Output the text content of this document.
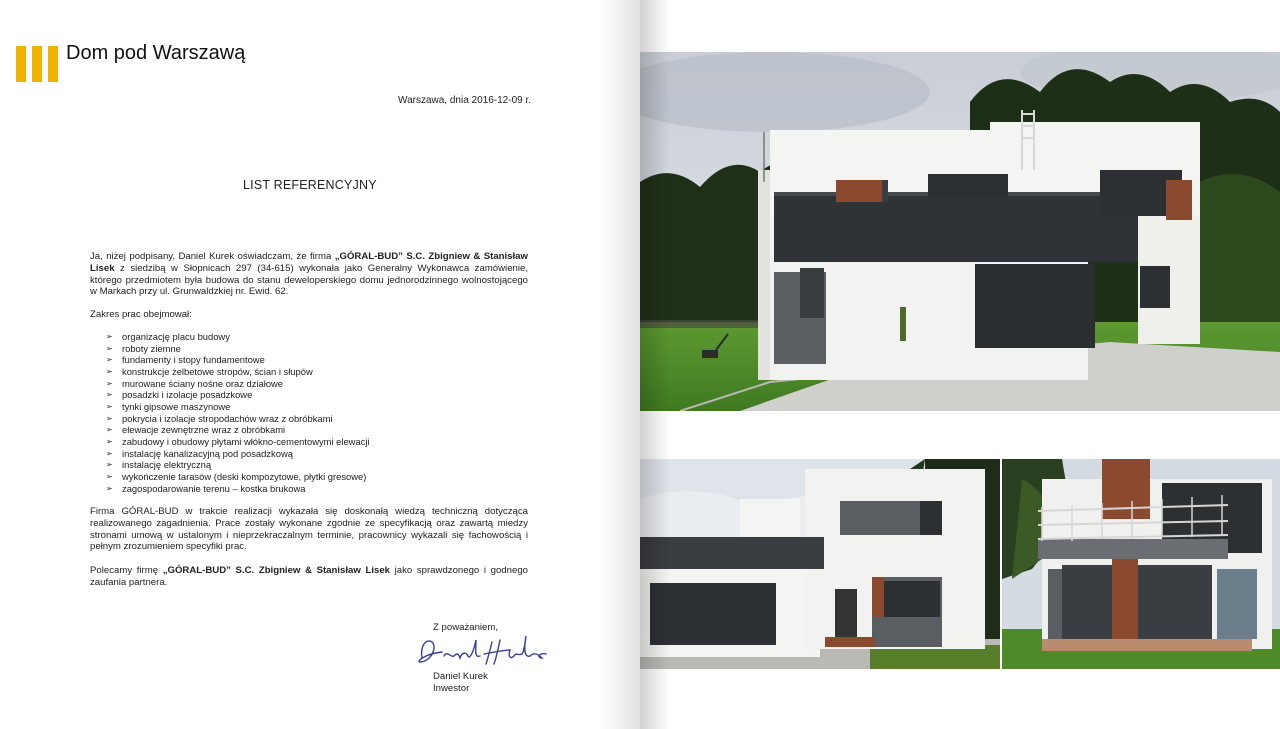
Dom pod Warszawą
Warszawa, dnia 2016-12-09 r.
LIST REFERENCYJNY
Ja, niżej podpisany, Daniel Kurek oświadczam, że firma „GÓRAL-BUD” S.C. Zbigniew & Stanisław Lisek z siedzibą w Słopnicach 297 (34-615) wykonała jako Generalny Wykonawca zamówienie, którego przedmiotem była budowa do stanu deweloperskiego domu jednorodzinnego wolnostojącego w Markach przy ul. Grunwaldzkiej nr. Ewid. 62.
Zakres prac obejmował:
➢ organizację placu budowy
➢ roboty ziemne
➢ fundamenty i stopy fundamentowe
➢ konstrukcje żelbetowe stropów, ścian i słupów
➢ murowane ściany nośne oraz działowe
➢ posadzki i izolacje posadzkowe
➢ tynki gipsowe maszynowe
➢ pokrycia i izolacje stropodachów wraz z obróbkami
➢ elewacje zewnętrzne wraz z obróbkami
➢ zabudowy i obudowy płytami włókno-cementowymi elewacji
➢ instalację kanalizacyjną pod posadzkową
➢ instalację elektryczną
➢ wykończenie tarasów (deski kompozytowe, płytki gresowe)
➢ zagospodarowanie terenu – kostka brukowa
Firma GÓRAL-BUD w trakcie realizacji wykazała się doskonałą wiedzą techniczną dotycząca realizowanego zagadnienia. Prace zostały wykonane zgodnie ze specyfikacją oraz zawartą miedzy stronami umową w ustalonym i nieprzekraczalnym terminie, pracownicy wykazali się fachowością i pełnym zrozumieniem specyfiki prac.
Polecamy firmę „GÓRAL-BUD” S.C. Zbigniew & Stanisław Lisek jako sprawdzonego i godnego zaufania partnera.
Z poważaniem,
Daniel Kurek
Inwestor
